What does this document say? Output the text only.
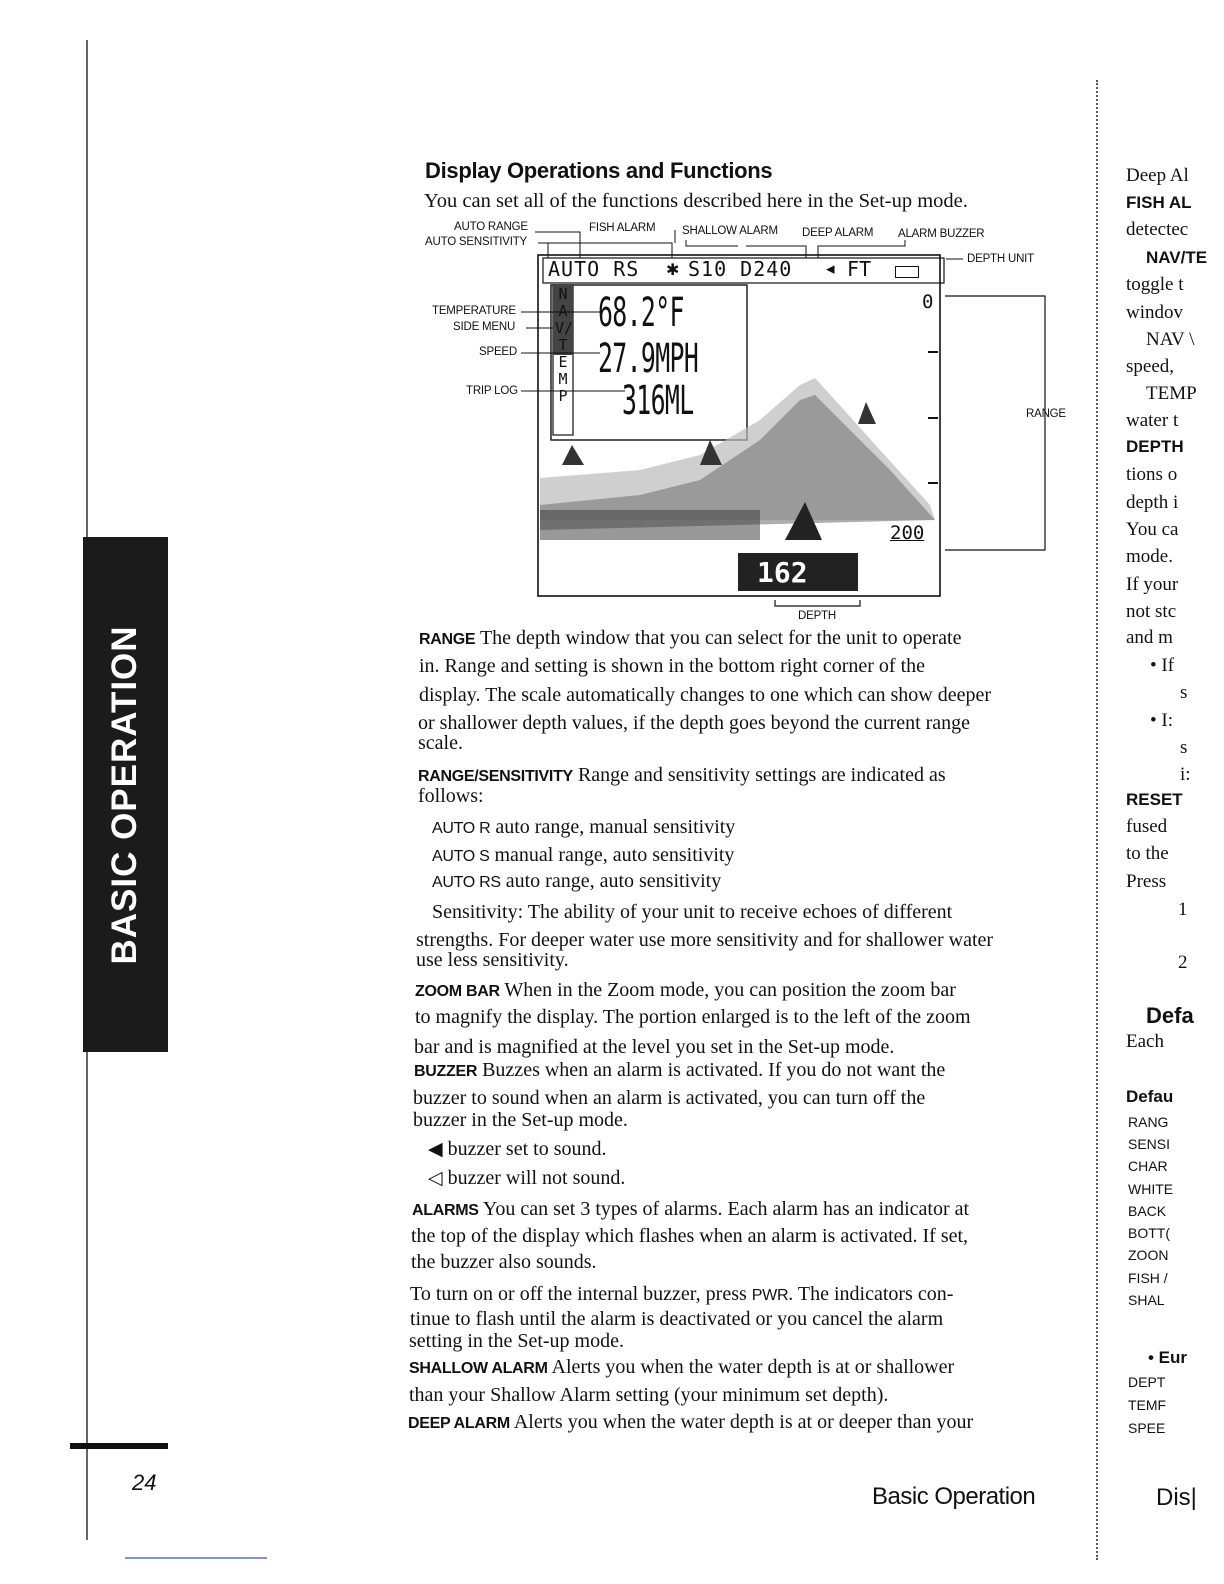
BASIC OPERATION
24
Display Operations and Functions
You can set all of the functions described here in the Set-up mode.
AUTO RS S10 D240	FT
✱	◂
NAV/TEMP
68.2°F
27.9MPH
316ML
0
200
162
AUTO RANGE
AUTO SENSITIVITY
FISH ALARM SHALLOW ALARM DEEP ALARM ALARM BUZZER
DEPTH UNIT
TEMPERATURE
SIDE MENU
SPEED
TRIP LOG
RANGE
DEPTH
RANGE The depth window that you can select for the unit to operate
in. Range and setting is shown in the bottom right corner of the
display. The scale automatically changes to one which can show deeper
or shallower depth values, if the depth goes beyond the current range
scale.
RANGE/SENSITIVITY Range and sensitivity settings are indicated as
follows:
AUTO R auto range, manual sensitivity
AUTO S manual range, auto sensitivity
AUTO RS auto range, auto sensitivity
Sensitivity: The ability of your unit to receive echoes of different
strengths. For deeper water use more sensitivity and for shallower water
use less sensitivity.
ZOOM BAR When in the Zoom mode, you can position the zoom bar
to magnify the display. The portion enlarged is to the left of the zoom
bar and is magnified at the level you set in the Set-up mode.
BUZZER Buzzes when an alarm is activated. If you do not want the
buzzer to sound when an alarm is activated, you can turn off the
buzzer in the Set-up mode.
◀ buzzer set to sound.
◁ buzzer will not sound.
ALARMS You can set 3 types of alarms. Each alarm has an indicator at
the top of the display which flashes when an alarm is activated. If set,
the buzzer also sounds.
To turn on or off the internal buzzer, press PWR. The indicators con-
tinue to flash until the alarm is deactivated or you cancel the alarm
setting in the Set-up mode.
SHALLOW ALARM Alerts you when the water depth is at or shallower
than your Shallow Alarm setting (your minimum set depth).
DEEP ALARM Alerts you when the water depth is at or deeper than your
Basic Operation
Deep Al
FISH AL
detectec
NAV/TE
toggle t
windov
NAV \
speed,
TEMP
water t
DEPTH
tions o
depth i
You ca
mode.
If your
not stc
and m
• If
s
• I:
s
i:
RESET
fused
to the
Press
1
2
Defa
Each
Defau
RANG
SENSI
CHAR
WHITE
BACK
BOTT(
ZOON
FISH /
SHAL
• Eur
DEPT
TEMF
SPEE
Dis|
